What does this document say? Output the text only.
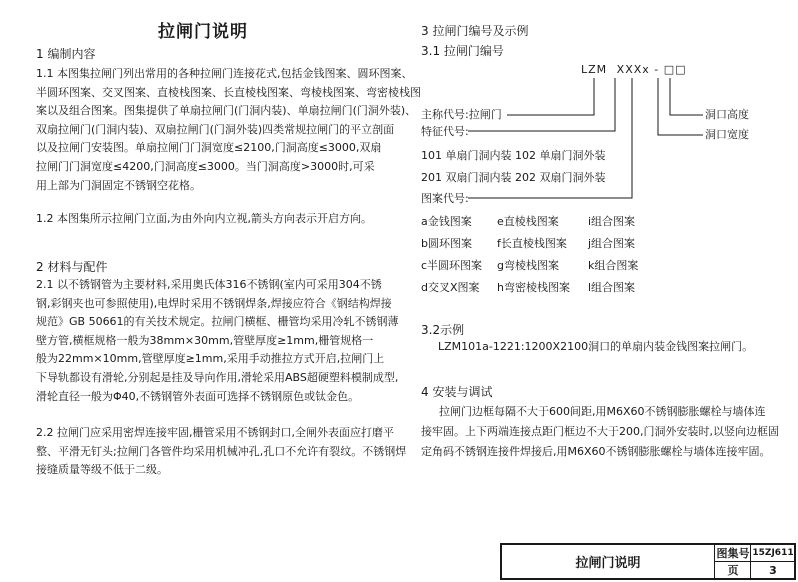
拉闸门说明
1 编制内容
1.1 本图集拉闸门列出常用的各种拉闸门连接花式,包括金钱图案、圆环图案、
半圆环图案、交叉图案、直棱栈图案、长直棱栈图案、弯棱栈图案、弯密棱栈图
案以及组合图案。图集提供了单扇拉闸门(门洞内装)、单扇拉闸门(门洞外装)、
双扇拉闸门(门洞内装)、双扇拉闸门(门洞外装)四类常规拉闸门的平立剖面
以及拉闸门安装图。单扇拉闸门门洞宽度≤2100,门洞高度≤3000,双扇
拉闸门门洞宽度≤4200,门洞高度≤3000。当门洞高度>3000时,可采
用上部为门洞固定不锈钢空花格。
1.2 本图集所示拉闸门立面,为由外向内立视,箭头方向表示开启方向。
2 材料与配件
2.1 以不锈钢管为主要材料,采用奥氏体316不锈钢(室内可采用304不锈
钢,彩钢夹也可参照使用),电焊时采用不锈钢焊条,焊接应符合《钢结构焊接
规范》GB 50661的有关技术规定。拉闸门横框、栅管均采用冷轧不锈钢薄
壁方管,横框规格一般为38mm×30mm,管壁厚度≥1mm,栅管规格一
般为22mm×10mm,管壁厚度≥1mm,采用手动推拉方式开启,拉闸门上
下导轨都设有滑轮,分别起是挂及导向作用,滑轮采用ABS超硬塑料模制成型,
滑轮直径一般为Φ40,不锈钢管外表面可选择不锈钢原色或钛金色。
2.2 拉闸门应采用密焊连接牢固,栅管采用不锈钢封口,全闸外表面应打磨平
整、平滑无钉头;拉闸门各管件均采用机械冲孔,孔口不允许有裂纹。不锈钢焊
接缝质量等级不低于二级。
3 拉闸门编号及示例
3.1 拉闸门编号
LZM XXXx - □□
主称代号:拉闸门
特征代号:
洞口高度
洞口宽度
101 单扇门洞内装 102 单扇门洞外装
201 双扇门洞内装 202 双扇门洞外装
图案代号:
a金钱图案
b圆环图案
c半圆环图案
d交叉X图案
e直棱栈图案
f长直棱栈图案
g弯棱栈图案
h弯密棱栈图案
i组合图案
j组合图案
k组合图案
l组合图案
3.2示例
LZM101a-1221:1200X2100洞口的单扇内装金钱图案拉闸门。
4 安装与调试
拉闸门边框每隔不大于600间距,用M6X60不锈钢膨胀螺栓与墙体连
接牢固。上下两端连接点距门框边不大于200,门洞外安装时,以竖向边框固
定角码不锈钢连接件焊接后,用M6X60不锈钢膨胀螺栓与墙体连接牢固。
拉闸门说明
图集号 15ZJ611
页	3
